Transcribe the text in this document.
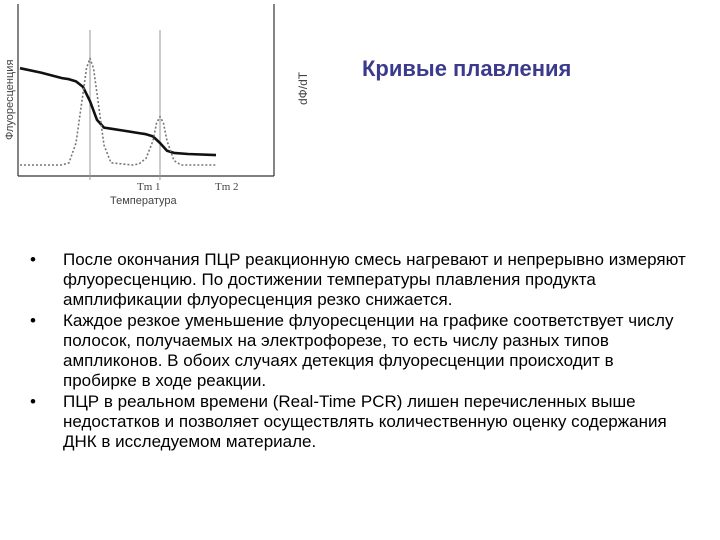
Флуоресценция	dФ/dT
Температура
Tm 1	Tm 2
Кривые плавления
• После окончания ПЦР реакционную смесь нагревают и непрерывно измеряют флуоресценцию. По достижении температуры плавления продукта амплификации флуоресценция резко снижается.
• Каждое резкое уменьшение флуоресценции на графике соответствует числу полосок, получаемых на электрофорезе, то есть числу разных типов ампликонов. В обоих случаях детекция флуоресценции происходит в пробирке в ходе реакции.
• ПЦР в реальном времени (Real-Time PCR) лишен перечисленных выше недостатков и позволяет осуществлять количественную оценку содержания ДНК в исследуемом материале.
